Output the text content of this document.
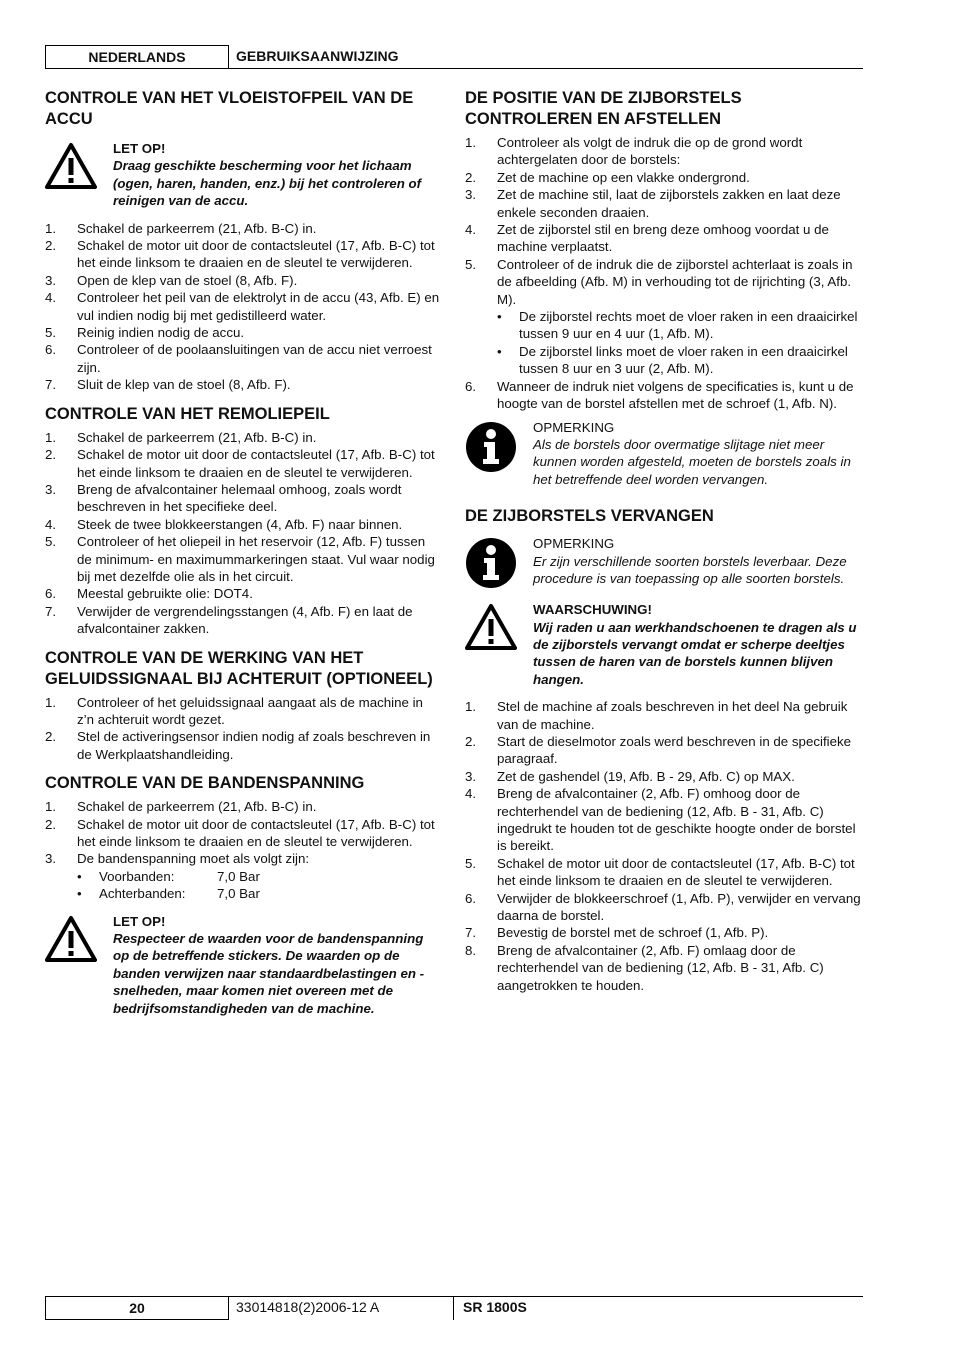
NEDERLANDS	GEBRUIKSAANWIJZING
CONTROLE VAN HET VLOEISTOFPEIL VAN DE ACCU
LET OP!
Draag geschikte bescherming voor het lichaam (ogen, haren, handen, enz.) bij het controleren of reinigen van de accu.
1. Schakel de parkeerrem (21, Afb. B-C) in.
2. Schakel de motor uit door de contactsleutel (17, Afb. B-C) tot het einde linksom te draaien en de sleutel te verwijderen.
3. Open de klep van de stoel (8, Afb. F).
4. Controleer het peil van de elektrolyt in de accu (43, Afb. E) en vul indien nodig bij met gedistilleerd water.
5. Reinig indien nodig de accu.
6. Controleer of de poolaansluitingen van de accu niet verroest zijn.
7. Sluit de klep van de stoel (8, Afb. F).
CONTROLE VAN HET REMOLIEPEIL
1. Schakel de parkeerrem (21, Afb. B-C) in.
2. Schakel de motor uit door de contactsleutel (17, Afb. B-C) tot het einde linksom te draaien en de sleutel te verwijderen.
3. Breng de afvalcontainer helemaal omhoog, zoals wordt beschreven in het specifieke deel.
4. Steek de twee blokkeerstangen (4, Afb. F) naar binnen.
5. Controleer of het oliepeil in het reservoir (12, Afb. F) tussen de minimum- en maximummarkeringen staat. Vul waar nodig bij met dezelfde olie als in het circuit.
6. Meestal gebruikte olie: DOT4.
7. Verwijder de vergrendelingsstangen (4, Afb. F) en laat de afvalcontainer zakken.
CONTROLE VAN DE WERKING VAN HET GELUIDSSIGNAAL BIJ ACHTERUIT (OPTIONEEL)
1. Controleer of het geluidssignaal aangaat als de machine in z’n achteruit wordt gezet.
2. Stel de activeringsensor indien nodig af zoals beschreven in de Werkplaatshandleiding.
CONTROLE VAN DE BANDENSPANNING
1. Schakel de parkeerrem (21, Afb. B-C) in.
2. Schakel de motor uit door de contactsleutel (17, Afb. B-C) tot het einde linksom te draaien en de sleutel te verwijderen.
3. De bandenspanning moet als volgt zijn:
• Voorbanden:	7,0 Bar
• Achterbanden: 7,0 Bar
LET OP!
Respecteer de waarden voor de bandenspanning op de betreffende stickers. De waarden op de banden verwijzen naar standaardbelastingen en -snelheden, maar komen niet overeen met de bedrijfsomstandigheden van de machine.
DE POSITIE VAN DE ZIJBORSTELS CONTROLEREN EN AFSTELLEN
1. Controleer als volgt de indruk die op de grond wordt achtergelaten door de borstels:
2. Zet de machine op een vlakke ondergrond.
3. Zet de machine stil, laat de zijborstels zakken en laat deze enkele seconden draaien.
4. Zet de zijborstel stil en breng deze omhoog voordat u de machine verplaatst.
5. Controleer of de indruk die de zijborstel achterlaat is zoals in de afbeelding (Afb. M) in verhouding tot de rijrichting (3, Afb. M).
• De zijborstel rechts moet de vloer raken in een draaicirkel tussen 9 uur en 4 uur (1, Afb. M).
• De zijborstel links moet de vloer raken in een draaicirkel tussen 8 uur en 3 uur (2, Afb. M).
6. Wanneer de indruk niet volgens de specificaties is, kunt u de hoogte van de borstel afstellen met de schroef (1, Afb. N).
OPMERKING
Als de borstels door overmatige slijtage niet meer kunnen worden afgesteld, moeten de borstels zoals in het betreffende deel worden vervangen.
DE ZIJBORSTELS VERVANGEN
OPMERKING
Er zijn verschillende soorten borstels leverbaar. Deze procedure is van toepassing op alle soorten borstels.
WAARSCHUWING!
Wij raden u aan werkhandschoenen te dragen als u de zijborstels vervangt omdat er scherpe deeltjes tussen de haren van de borstels kunnen blijven hangen.
1. Stel de machine af zoals beschreven in het deel Na gebruik van de machine.
2. Start de dieselmotor zoals werd beschreven in de specifieke paragraaf.
3. Zet de gashendel (19, Afb. B - 29, Afb. C) op MAX.
4. Breng de afvalcontainer (2, Afb. F) omhoog door de rechterhendel van de bediening (12, Afb. B - 31, Afb. C) ingedrukt te houden tot de geschikte hoogte onder de borstel is bereikt.
5. Schakel de motor uit door de contactsleutel (17, Afb. B-C) tot het einde linksom te draaien en de sleutel te verwijderen.
6. Verwijder de blokkeerschroef (1, Afb. P), verwijder en vervang daarna de borstel.
7. Bevestig de borstel met de schroef (1, Afb. P).
8. Breng de afvalcontainer (2, Afb. F) omlaag door de rechterhendel van de bediening (12, Afb. B - 31, Afb. C) aangetrokken te houden.
20	33014818(2)2006-12 A	SR 1800S
